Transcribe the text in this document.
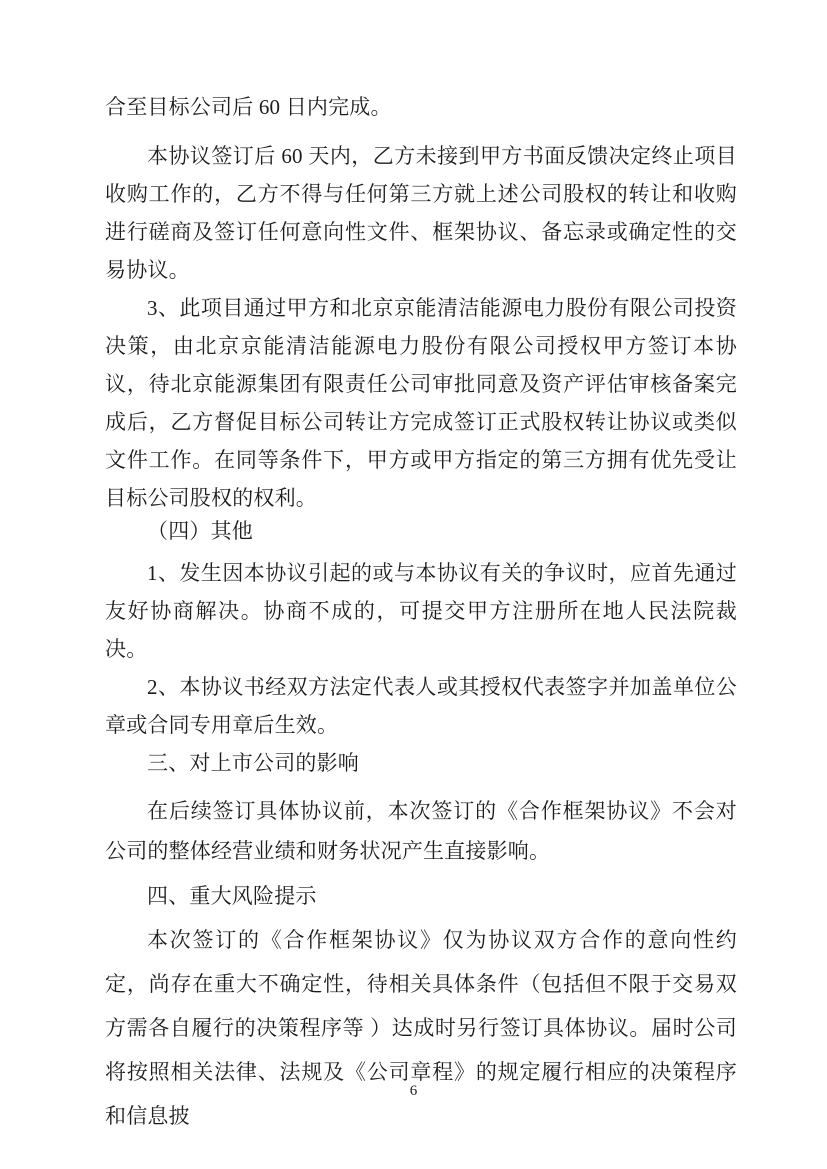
合至目标公司后 60 日内完成。

本协议签订后 60 天内，乙方未接到甲方书面反馈决定终止项目收购工作的，乙方不得与任何第三方就上述公司股权的转让和收购进行磋商及签订任何意向性文件、框架协议、备忘录或确定性的交易协议。

3、此项目通过甲方和北京京能清洁能源电力股份有限公司投资决策，由北京京能清洁能源电力股份有限公司授权甲方签订本协议，待北京能源集团有限责任公司审批同意及资产评估审核备案完成后，乙方督促目标公司转让方完成签订正式股权转让协议或类似文件工作。在同等条件下，甲方或甲方指定的第三方拥有优先受让目标公司股权的权利。

（四）其他

1、发生因本协议引起的或与本协议有关的争议时，应首先通过友好协商解决。协商不成的，可提交甲方注册所在地人民法院裁决。

2、本协议书经双方法定代表人或其授权代表签字并加盖单位公章或合同专用章后生效。

三、对上市公司的影响

在后续签订具体协议前，本次签订的《合作框架协议》不会对公司的整体经营业绩和财务状况产生直接影响。

四、重大风险提示

本次签订的《合作框架协议》仅为协议双方合作的意向性约定，尚存在重大不确定性，待相关具体条件（包括但不限于交易双方需各自履行的决策程序等 ）达成时另行签订具体协议。届时公司将按照相关法律、法规及《公司章程》的规定履行相应的决策程序和信息披

6
